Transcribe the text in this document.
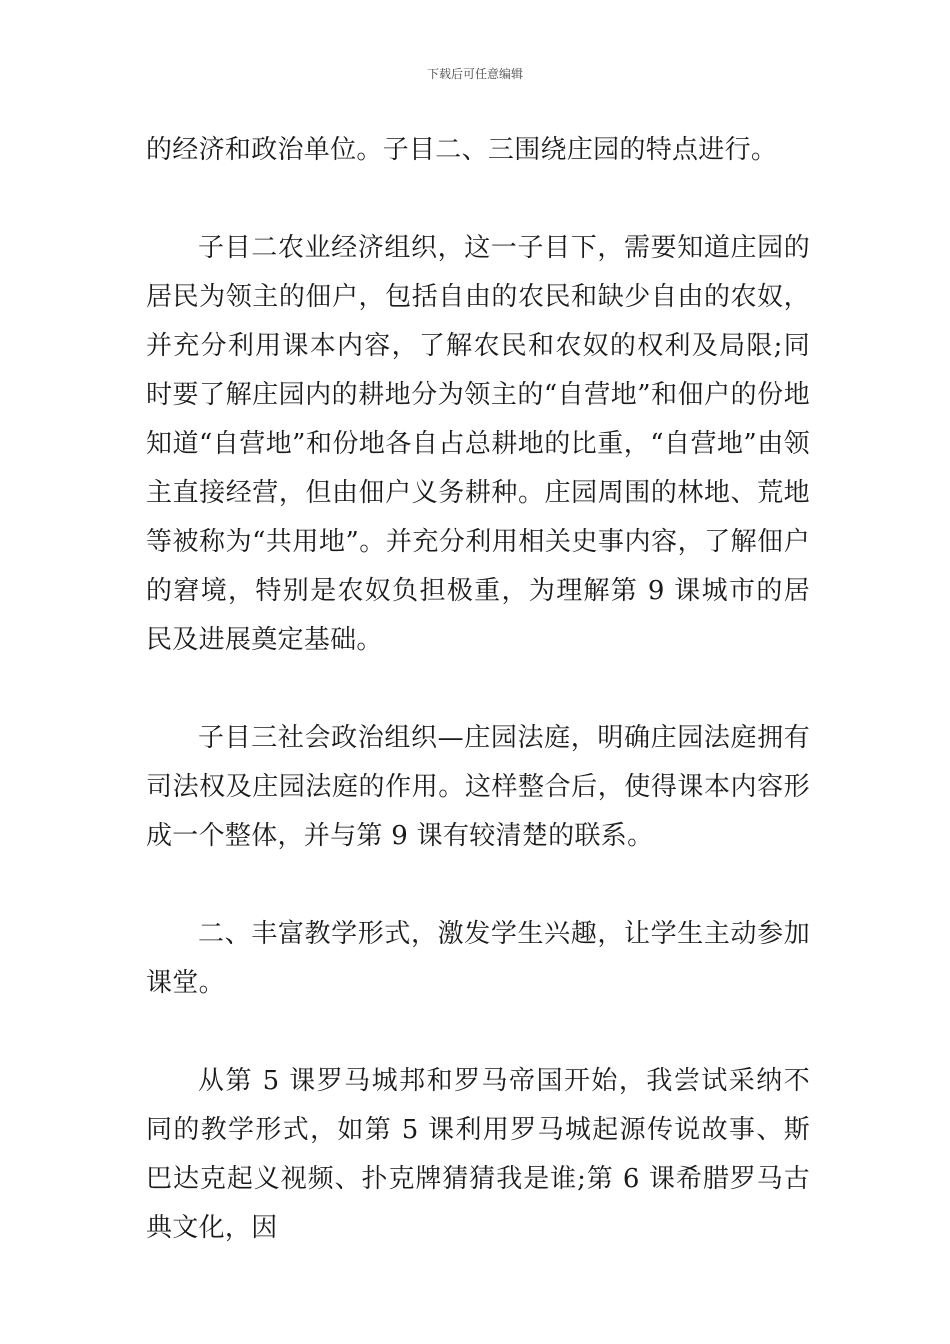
下载后可任意编辑

的经济和政治单位。子目二、三围绕庄园的特点进行。

子目二农业经济组织，这一子目下，需要知道庄园的居民为领主的佃户，包括自由的农民和缺少自由的农奴，并充分利用课本内容，了解农民和农奴的权利及局限;同时要了解庄园内的耕地分为领主的“自营地”和佃户的份地知道“自营地”和份地各自占总耕地的比重，“自营地”由领主直接经营，但由佃户义务耕种。庄园周围的林地、荒地等被称为“共用地”。并充分利用相关史事内容，了解佃户的窘境，特别是农奴负担极重，为理解第 9 课城市的居民及进展奠定基础。

子目三社会政治组织—庄园法庭，明确庄园法庭拥有司法权及庄园法庭的作用。这样整合后，使得课本内容形成一个整体，并与第 9 课有较清楚的联系。

二、丰富教学形式，激发学生兴趣，让学生主动参加课堂。

从第 5 课罗马城邦和罗马帝国开始，我尝试采纳不同的教学形式，如第 5 课利用罗马城起源传说故事、斯巴达克起义视频、扑克牌猜猜我是谁;第 6 课希腊罗马古典文化，因
